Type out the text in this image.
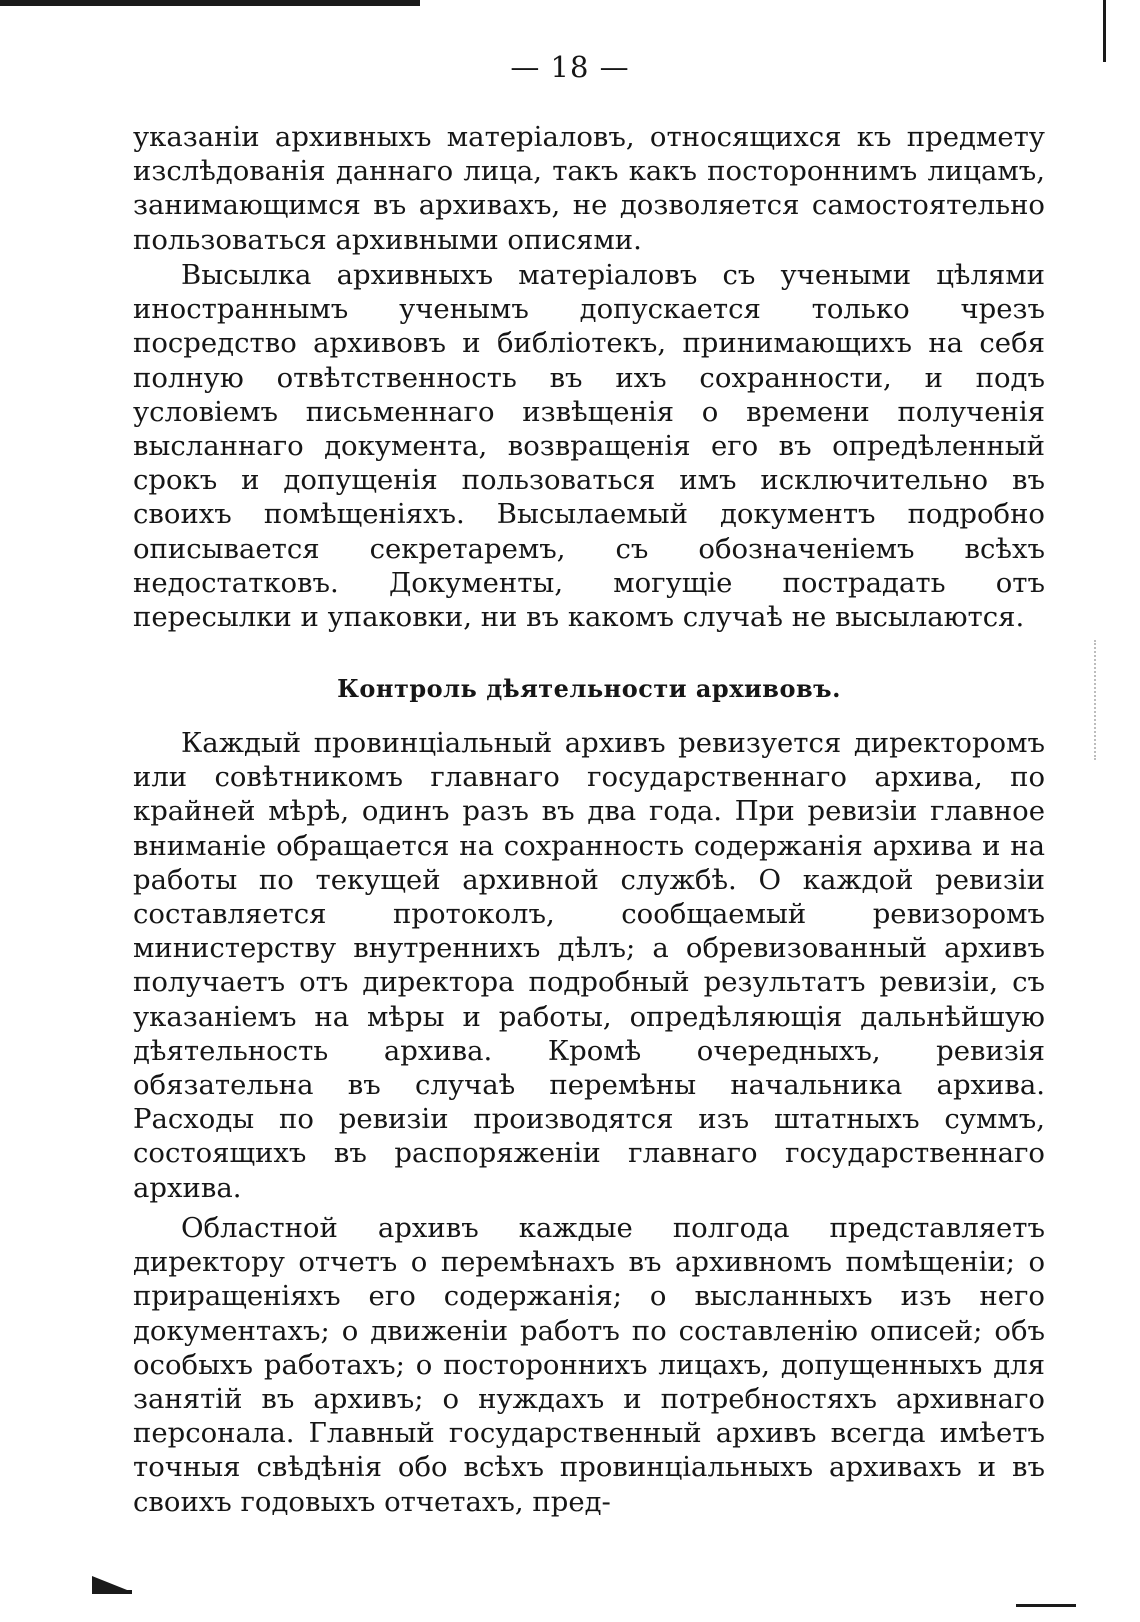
— 18 —

указанiи архивныхъ матерiаловъ, относящихся къ предмету изслѣдованiя даннаго лица, такъ какъ постороннимъ лицамъ, занимающимся въ архивахъ, не дозволяется самостоятельно пользоваться архивными описями.

Высылка архивныхъ матерiаловъ съ учеными цѣлями иностраннымъ ученымъ допускается только чрезъ посредство архивовъ и библiотекъ, принимающихъ на себя полную отвѣтственность въ ихъ сохранности, и подъ условiемъ письменнаго извѣщенiя о времени полученiя высланнаго документа, возвращенiя его въ опредѣленный срокъ и допущенiя пользоваться имъ исключительно въ своихъ помѣщенiяхъ. Высылаемый документъ подробно описывается секретаремъ, съ обозначенiемъ всѣхъ недостатковъ. Документы, могущiе пострадать отъ пересылки и упаковки, ни въ какомъ случаѣ не высылаются.

Контроль дѣятельности архивовъ.

Каждый провинцiальный архивъ ревизуется директоромъ или совѣтникомъ главнаго государственнаго архива, по крайней мѣрѣ, одинъ разъ въ два года. При ревизiи главное вниманiе обращается на сохранность содержанiя архива и на работы по текущей архивной службѣ. О каждой ревизiи составляется протоколъ, сообщаемый ревизоромъ министерству внутреннихъ дѣлъ; а обревизованный архивъ получаетъ отъ директора подробный результатъ ревизiи, съ указанiемъ на мѣры и работы, опредѣляющiя дальнѣйшую дѣятельность архива. Кромѣ очередныхъ, ревизiя обязательна въ случаѣ перемѣны начальника архива. Расходы по ревизiи производятся изъ штатныхъ суммъ, состоящихъ въ распоряженiи главнаго государственнаго архива.

Областной архивъ каждые полгода представляетъ директору отчетъ о перемѣнахъ въ архивномъ помѣщенiи; о приращенiяхъ его содержанiя; о высланныхъ изъ него документахъ; о движенiи работъ по составленiю описей; объ особыхъ работахъ; о постороннихъ лицахъ, допущенныхъ для занятiй въ архивъ; о нуждахъ и потребностяхъ архивнаго персонала. Главный государственный архивъ всегда имѣетъ точныя свѣдѣнiя обо всѣхъ провинцiальныхъ архивахъ и въ своихъ годовыхъ отчетахъ, пред-
